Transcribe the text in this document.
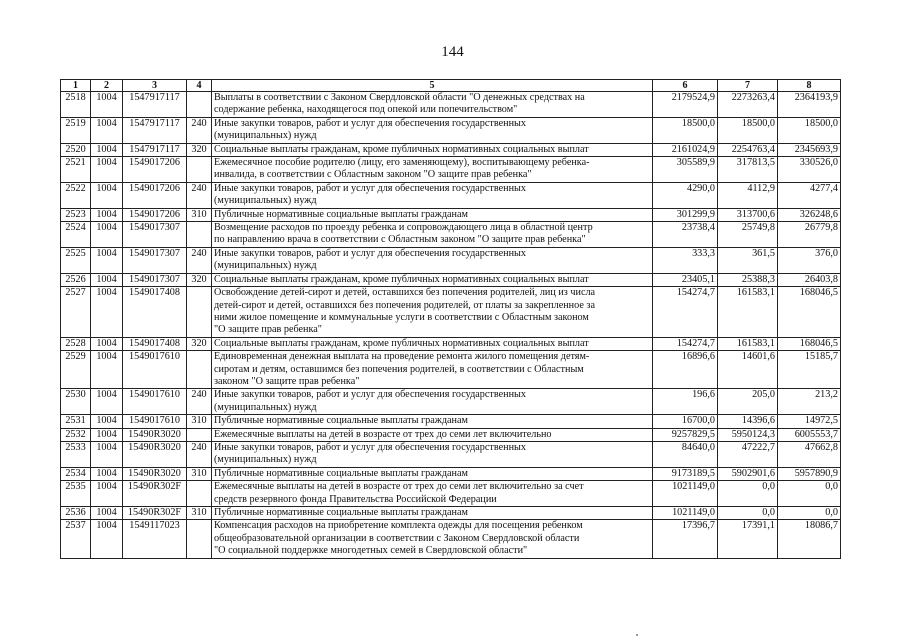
144
1	2	3	4	5	6	7	8
2518	1004	1547917117		Выплаты в соответствии с Законом Свердловской области "О денежных средствах на
содержание ребенка, находящегося под опекой или попечительством"	2179524,9	2273263,4	2364193,9
2519	1004	1547917117	240	Иные закупки товаров, работ и услуг для обеспечения государственных
(муниципальных) нужд	18500,0	18500,0	18500,0
2520	1004	1547917117	320	Социальные выплаты гражданам, кроме публичных нормативных социальных выплат	2161024,9	2254763,4	2345693,9
2521	1004	1549017206		Ежемесячное пособие родителю (лицу, его заменяющему), воспитывающему ребенка-
инвалида, в соответствии с Областным законом "О защите прав ребенка"	305589,9	317813,5	330526,0
2522	1004	1549017206	240	Иные закупки товаров, работ и услуг для обеспечения государственных
(муниципальных) нужд	4290,0	4112,9	4277,4
2523	1004	1549017206	310	Публичные нормативные социальные выплаты гражданам	301299,9	313700,6	326248,6
2524	1004	1549017307		Возмещение расходов по проезду ребенка и сопровождающего лица в областной центр
по направлению врача в соответствии с Областным законом "О защите прав ребенка"	23738,4	25749,8	26779,8
2525	1004	1549017307	240	Иные закупки товаров, работ и услуг для обеспечения государственных
(муниципальных) нужд	333,3	361,5	376,0
2526	1004	1549017307	320	Социальные выплаты гражданам, кроме публичных нормативных социальных выплат	23405,1	25388,3	26403,8
2527	1004	1549017408		Освобождение детей-сирот и детей, оставшихся без попечения родителей, лиц из числа
детей-сирот и детей, оставшихся без попечения родителей, от платы за закрепленное за
ними жилое помещение и коммунальные услуги в соответствии с Областным законом
"О защите прав ребенка"	154274,7	161583,1	168046,5
2528	1004	1549017408	320	Социальные выплаты гражданам, кроме публичных нормативных социальных выплат	154274,7	161583,1	168046,5
2529	1004	1549017610		Единовременная денежная выплата на проведение ремонта жилого помещения детям-
сиротам и детям, оставшимся без попечения родителей, в соответствии с Областным
законом "О защите прав ребенка"	16896,6	14601,6	15185,7
2530	1004	1549017610	240	Иные закупки товаров, работ и услуг для обеспечения государственных
(муниципальных) нужд	196,6	205,0	213,2
2531	1004	1549017610	310	Публичные нормативные социальные выплаты гражданам	16700,0	14396,6	14972,5
2532	1004	15490R3020		Ежемесячные выплаты на детей в возрасте от трех до семи лет включительно	9257829,5	5950124,3	6005553,7
2533	1004	15490R3020	240	Иные закупки товаров, работ и услуг для обеспечения государственных
(муниципальных) нужд	84640,0	47222,7	47662,8
2534	1004	15490R3020	310	Публичные нормативные социальные выплаты гражданам	9173189,5	5902901,6	5957890,9
2535	1004	15490R302F		Ежемесячные выплаты на детей в возрасте от трех до семи лет включительно за счет
средств резервного фонда Правительства Российской Федерации	1021149,0	0,0	0,0
2536	1004	15490R302F	310	Публичные нормативные социальные выплаты гражданам	1021149,0	0,0	0,0
2537	1004	1549117023		Компенсация расходов на приобретение комплекта одежды для посещения ребенком
общеобразовательной организации в соответствии с Законом Свердловской области
"О социальной поддержке многодетных семей в Свердловской области"	17396,7	17391,1	18086,7
